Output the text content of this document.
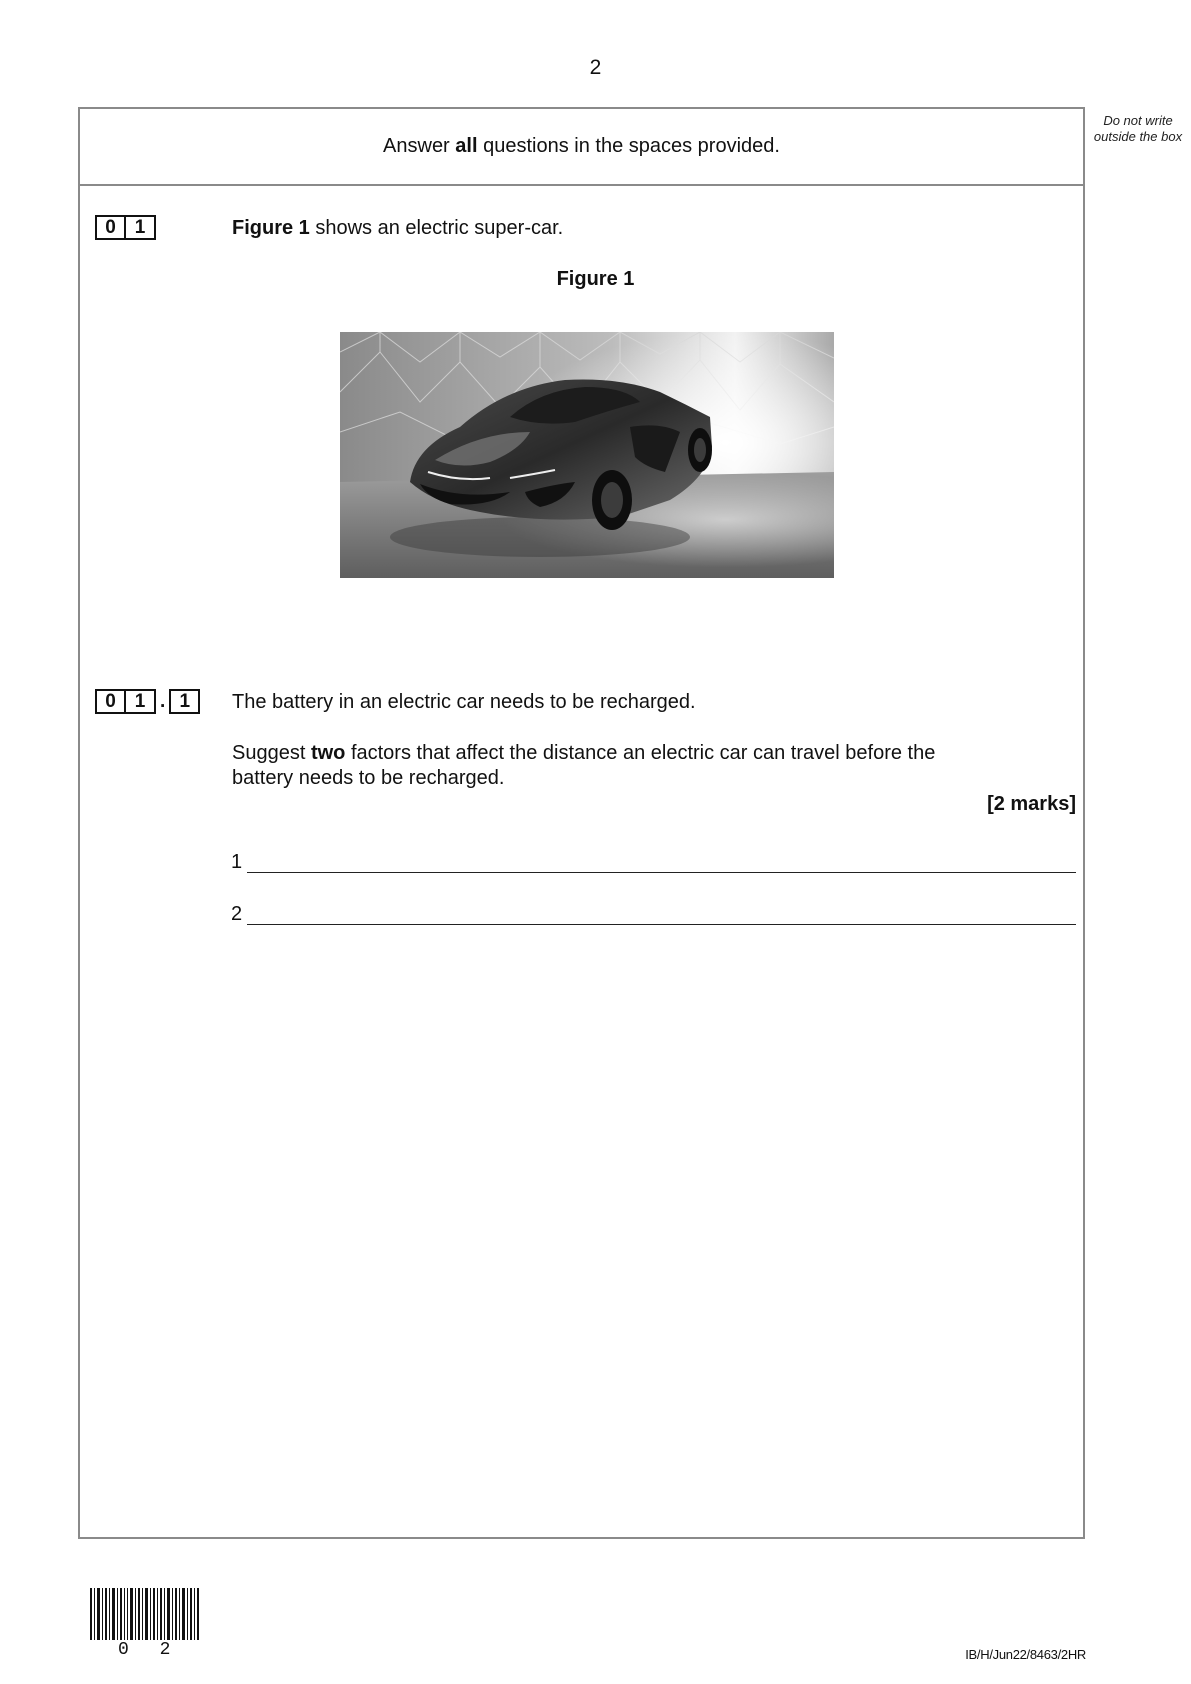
2
Do not write outside the box
Answer all questions in the spaces provided.
0 1	Figure 1 shows an electric super-car.
Figure 1
0 1 . 1	The battery in an electric car needs to be recharged.
Suggest two factors that affect the distance an electric car can travel before the
battery needs to be recharged.
[2 marks]
1
2
0 2	IB/H/Jun22/8463/2HR
